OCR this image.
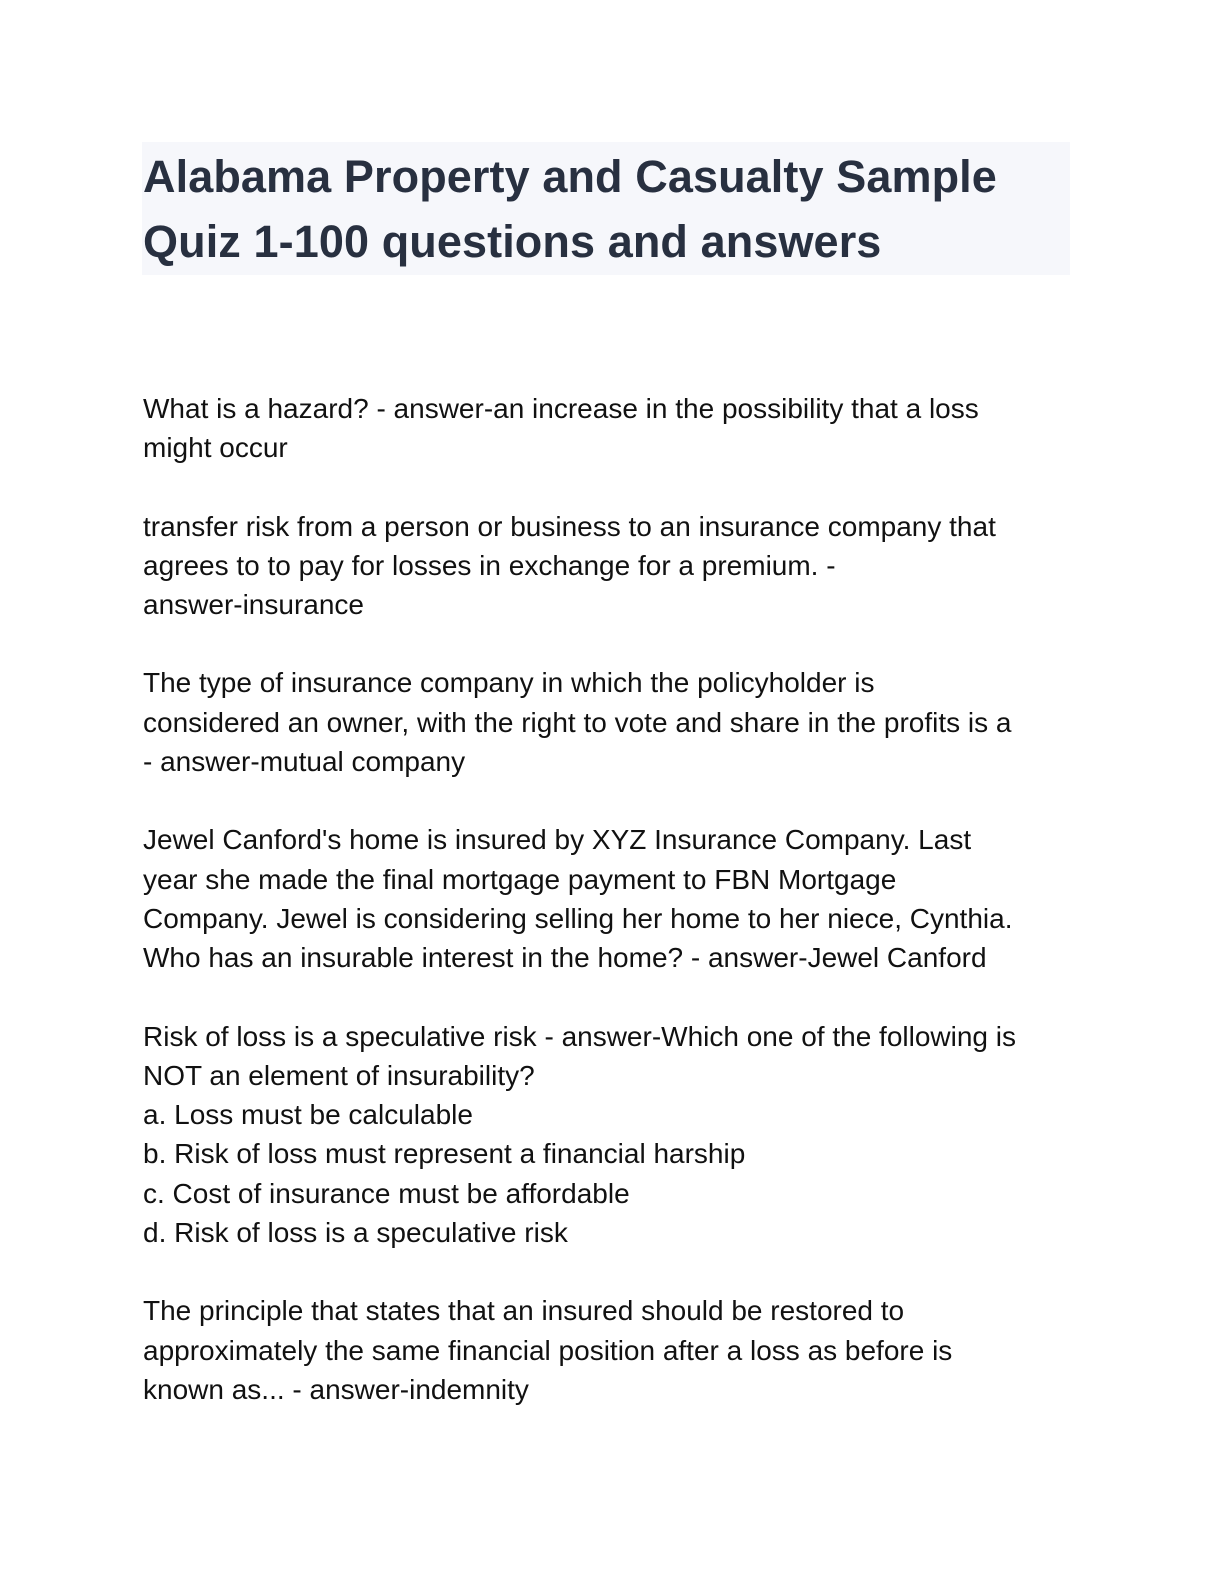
Alabama Property and Casualty Sample
Quiz 1-100 questions and answers

What is a hazard? - answer-an increase in the possibility that a loss
might occur

transfer risk from a person or business to an insurance company that
agrees to to pay for losses in exchange for a premium. -
answer-insurance

The type of insurance company in which the policyholder is
considered an owner, with the right to vote and share in the profits is a
- answer-mutual company

Jewel Canford's home is insured by XYZ Insurance Company. Last
year she made the final mortgage payment to FBN Mortgage
Company. Jewel is considering selling her home to her niece, Cynthia.
Who has an insurable interest in the home? - answer-Jewel Canford

Risk of loss is a speculative risk - answer-Which one of the following is
NOT an element of insurability?
a. Loss must be calculable
b. Risk of loss must represent a financial harship
c. Cost of insurance must be affordable
d. Risk of loss is a speculative risk

The principle that states that an insured should be restored to
approximately the same financial position after a loss as before is
known as... - answer-indemnity
